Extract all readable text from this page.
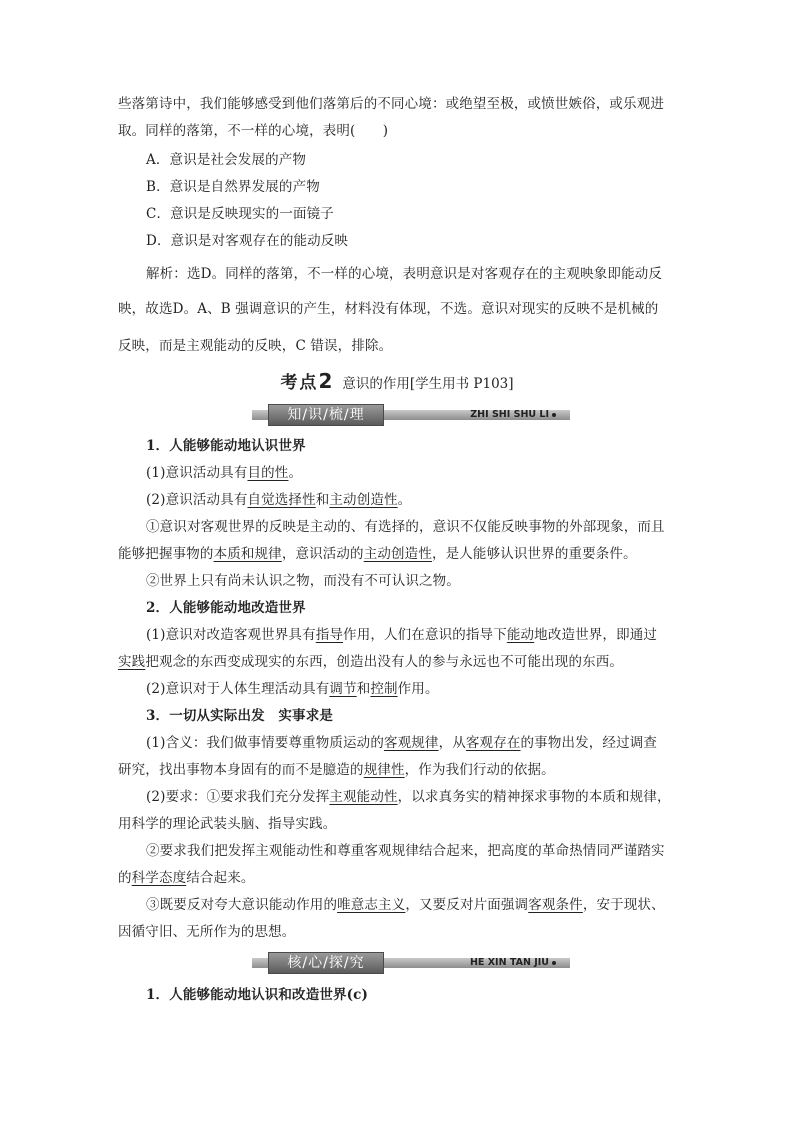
些落第诗中，我们能够感受到他们落第后的不同心境：或绝望至极，或愤世嫉俗，或乐观进
取。同样的落第，不一样的心境，表明(　　)
A．意识是社会发展的产物
B．意识是自然界发展的产物
C．意识是反映现实的一面镜子
D．意识是对客观存在的能动反映
解析：选D。同样的落第，不一样的心境，表明意识是对客观存在的主观映象即能动反
映，故选D。A、B 强调意识的产生，材料没有体现，不选。意识对现实的反映不是机械的
反映，而是主观能动的反映，C 错误，排除。
考点2 意识的作用[学生用书 P103]
知/识/梳/理	ZHI SHI SHU LI
1．人能够能动地认识世界
(1)意识活动具有目的性。
(2)意识活动具有自觉选择性和主动创造性。
①意识对客观世界的反映是主动的、有选择的，意识不仅能反映事物的外部现象，而且
能够把握事物的本质和规律，意识活动的主动创造性，是人能够认识世界的重要条件。
②世界上只有尚未认识之物，而没有不可认识之物。
2．人能够能动地改造世界
(1)意识对改造客观世界具有指导作用，人们在意识的指导下能动地改造世界，即通过
实践把观念的东西变成现实的东西，创造出没有人的参与永远也不可能出现的东西。
(2)意识对于人体生理活动具有调节和控制作用。
3．一切从实际出发　实事求是
(1)含义：我们做事情要尊重物质运动的客观规律，从客观存在的事物出发，经过调查
研究，找出事物本身固有的而不是臆造的规律性，作为我们行动的依据。
(2)要求：①要求我们充分发挥主观能动性，以求真务实的精神探求事物的本质和规律，
用科学的理论武装头脑、指导实践。
②要求我们把发挥主观能动性和尊重客观规律结合起来，把高度的革命热情同严谨踏实
的科学态度结合起来。
③既要反对夸大意识能动作用的唯意志主义，又要反对片面强调客观条件，安于现状、
因循守旧、无所作为的思想。
核/心/探/究	HE XIN TAN JIU
1．人能够能动地认识和改造世界(c)
